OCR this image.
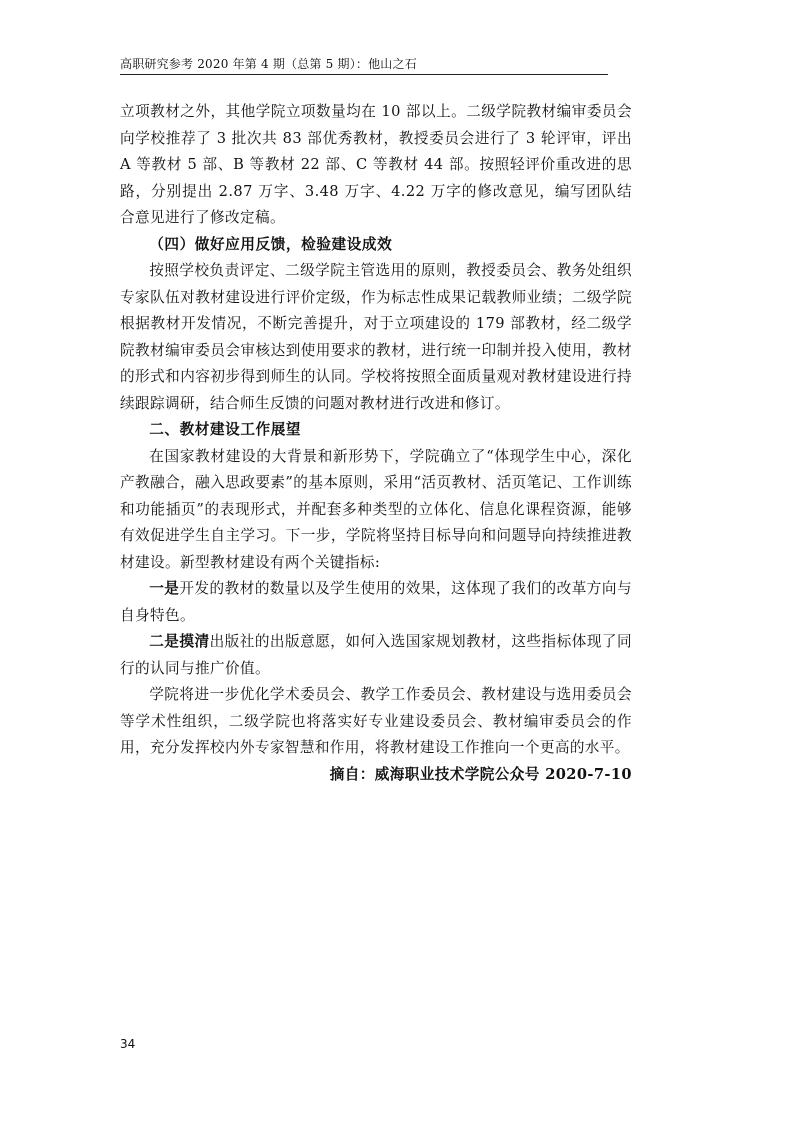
高职研究参考 2020 年第 4 期（总第 5 期）：他山之石

立项教材之外，其他学院立项数量均在 10 部以上。二级学院教材编审委员会向学校推荐了 3 批次共 83 部优秀教材，教授委员会进行了 3 轮评审，评出 A 等教材 5 部、B 等教材 22 部、C 等教材 44 部。按照轻评价重改进的思路，分别提出 2.87 万字、3.48 万字、4.22 万字的修改意见，编写团队结合意见进行了修改定稿。

（四）做好应用反馈，检验建设成效

按照学校负责评定、二级学院主管选用的原则，教授委员会、教务处组织专家队伍对教材建设进行评价定级，作为标志性成果记载教师业绩；二级学院根据教材开发情况，不断完善提升，对于立项建设的 179 部教材，经二级学院教材编审委员会审核达到使用要求的教材，进行统一印制并投入使用，教材的形式和内容初步得到师生的认同。学校将按照全面质量观对教材建设进行持续跟踪调研，结合师生反馈的问题对教材进行改进和修订。

二、教材建设工作展望

在国家教材建设的大背景和新形势下，学院确立了“体现学生中心，深化产教融合，融入思政要素”的基本原则，采用“活页教材、活页笔记、工作训练和功能插页”的表现形式，并配套多种类型的立体化、信息化课程资源，能够有效促进学生自主学习。下一步，学院将坚持目标导向和问题导向持续推进教材建设。新型教材建设有两个关键指标:

一是开发的教材的数量以及学生使用的效果，这体现了我们的改革方向与自身特色。

二是摸清出版社的出版意愿，如何入选国家规划教材，这些指标体现了同行的认同与推广价值。

学院将进一步优化学术委员会、教学工作委员会、教材建设与选用委员会等学术性组织，二级学院也将落实好专业建设委员会、教材编审委员会的作用，充分发挥校内外专家智慧和作用，将教材建设工作推向一个更高的水平。

摘自：威海职业技术学院公众号 2020-7-10

34
